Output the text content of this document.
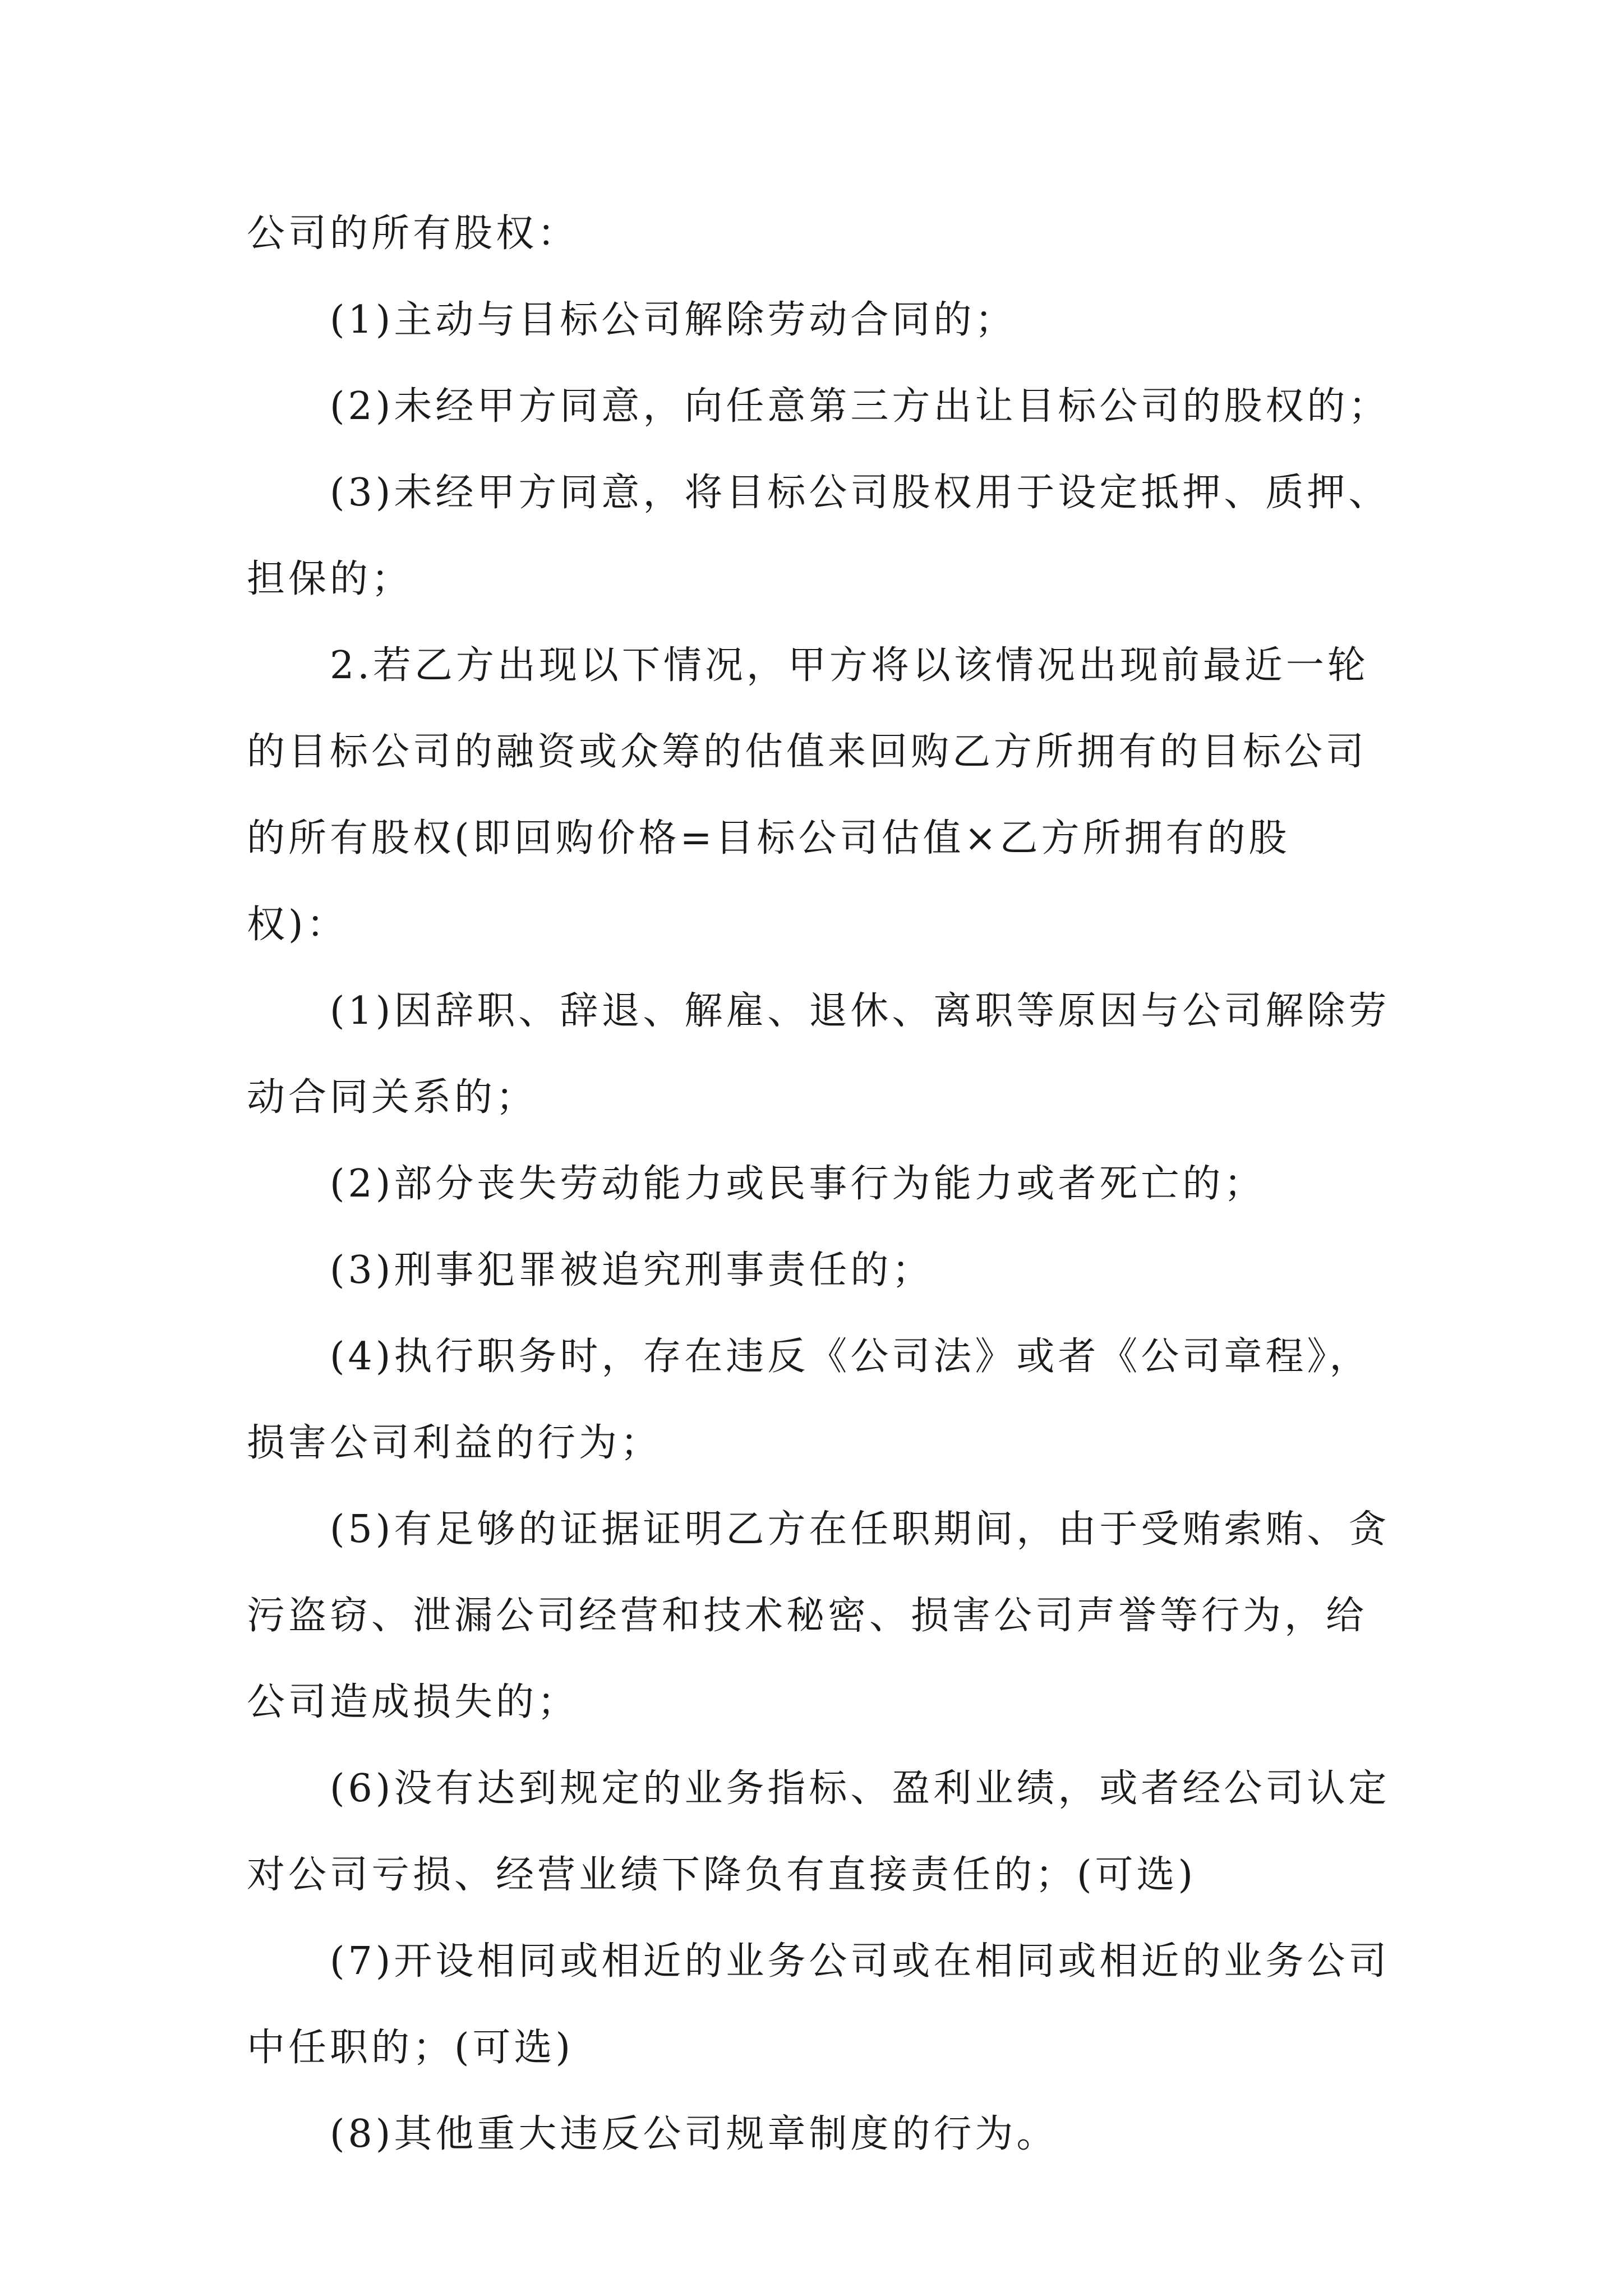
公司的所有股权：

(1)主动与目标公司解除劳动合同的；

(2)未经甲方同意，向任意第三方出让目标公司的股权的；

(3)未经甲方同意，将目标公司股权用于设定抵押、质押、担保的；

2.若乙方出现以下情况，甲方将以该情况出现前最近一轮的目标公司的融资或众筹的估值来回购乙方所拥有的目标公司的所有股权(即回购价格=目标公司估值×乙方所拥有的股权)：

(1)因辞职、辞退、解雇、退休、离职等原因与公司解除劳动合同关系的；

(2)部分丧失劳动能力或民事行为能力或者死亡的；

(3)刑事犯罪被追究刑事责任的；

(4)执行职务时，存在违反《公司法》或者《公司章程》，损害公司利益的行为；

(5)有足够的证据证明乙方在任职期间，由于受贿索贿、贪污盗窃、泄漏公司经营和技术秘密、损害公司声誉等行为，给公司造成损失的；

(6)没有达到规定的业务指标、盈利业绩，或者经公司认定对公司亏损、经营业绩下降负有直接责任的；(可选)

(7)开设相同或相近的业务公司或在相同或相近的业务公司中任职的；(可选)

(8)其他重大违反公司规章制度的行为。
